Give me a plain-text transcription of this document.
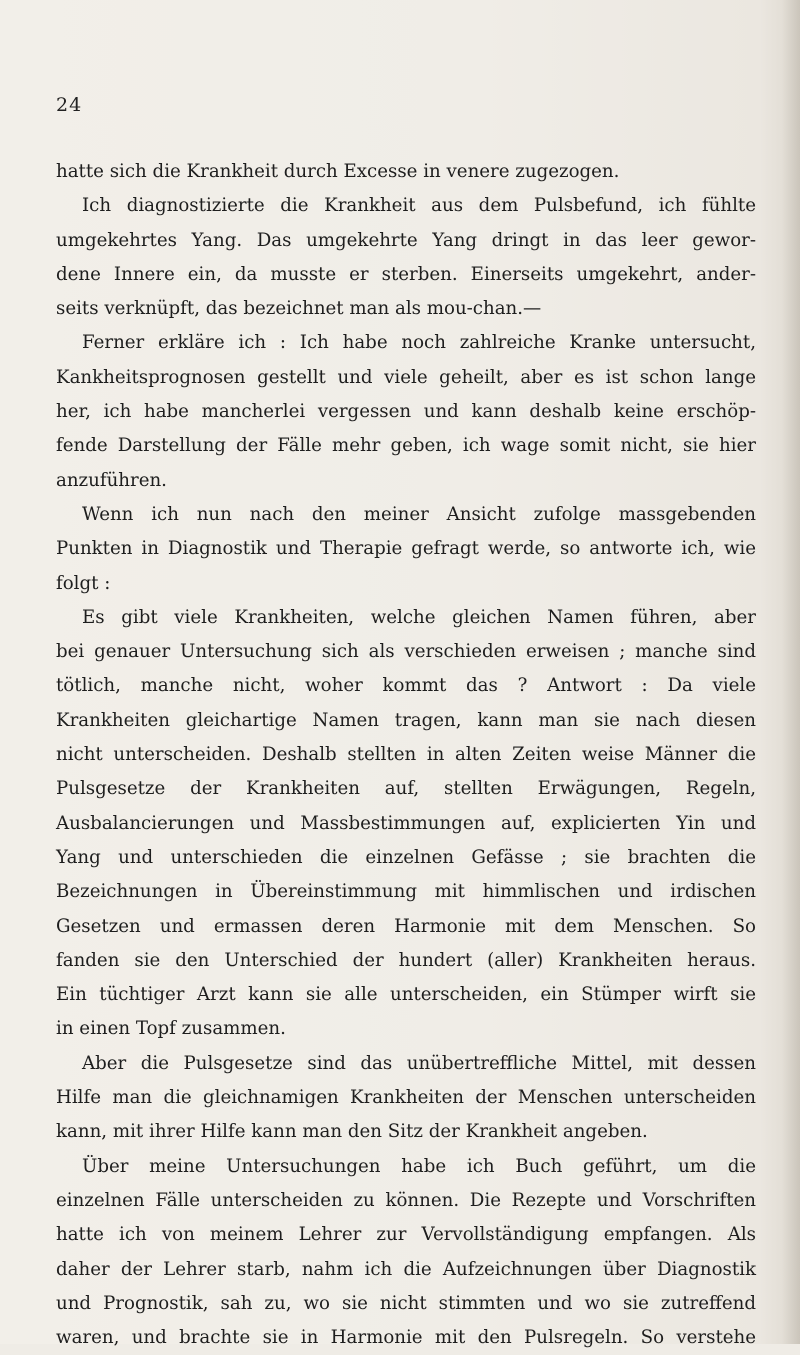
24
hatte sich die Krankheit durch Excesse in venere zugezogen.
Ich diagnostizierte die Krankheit aus dem Pulsbefund, ich fühlte
umgekehrtes Yang. Das umgekehrte Yang dringt in das leer gewor-
dene Innere ein, da musste er sterben. Einerseits umgekehrt, ander-
seits verknüpft, das bezeichnet man als mou-chan.—
Ferner erkläre ich : Ich habe noch zahlreiche Kranke untersucht,
Kankheitsprognosen gestellt und viele geheilt, aber es ist schon lange
her, ich habe mancherlei vergessen und kann deshalb keine erschöp-
fende Darstellung der Fälle mehr geben, ich wage somit nicht, sie hier
anzuführen.
Wenn ich nun nach den meiner Ansicht zufolge massgebenden
Punkten in Diagnostik und Therapie gefragt werde, so antworte ich, wie
folgt :
Es gibt viele Krankheiten, welche gleichen Namen führen, aber
bei genauer Untersuchung sich als verschieden erweisen ; manche sind
tötlich, manche nicht, woher kommt das ? Antwort : Da viele
Krankheiten gleichartige Namen tragen, kann man sie nach diesen
nicht unterscheiden. Deshalb stellten in alten Zeiten weise Männer die
Pulsgesetze der Krankheiten auf, stellten Erwägungen, Regeln,
Ausbalancierungen und Massbestimmungen auf, explicierten Yin und
Yang und unterschieden die einzelnen Gefässe ; sie brachten die
Bezeichnungen in Übereinstimmung mit himmlischen und irdischen
Gesetzen und ermassen deren Harmonie mit dem Menschen. So
fanden sie den Unterschied der hundert (aller) Krankheiten heraus.
Ein tüchtiger Arzt kann sie alle unterscheiden, ein Stümper wirft sie
in einen Topf zusammen.
Aber die Pulsgesetze sind das unübertreffliche Mittel, mit dessen
Hilfe man die gleichnamigen Krankheiten der Menschen unterscheiden
kann, mit ihrer Hilfe kann man den Sitz der Krankheit angeben.
Über meine Untersuchungen habe ich Buch geführt, um die
einzelnen Fälle unterscheiden zu können. Die Rezepte und Vorschriften
hatte ich von meinem Lehrer zur Vervollständigung empfangen. Als
daher der Lehrer starb, nahm ich die Aufzeichnungen über Diagnostik
und Prognostik, sah zu, wo sie nicht stimmten und wo sie zutreffend
waren, und brachte sie in Harmonie mit den Pulsregeln. So verstehe
